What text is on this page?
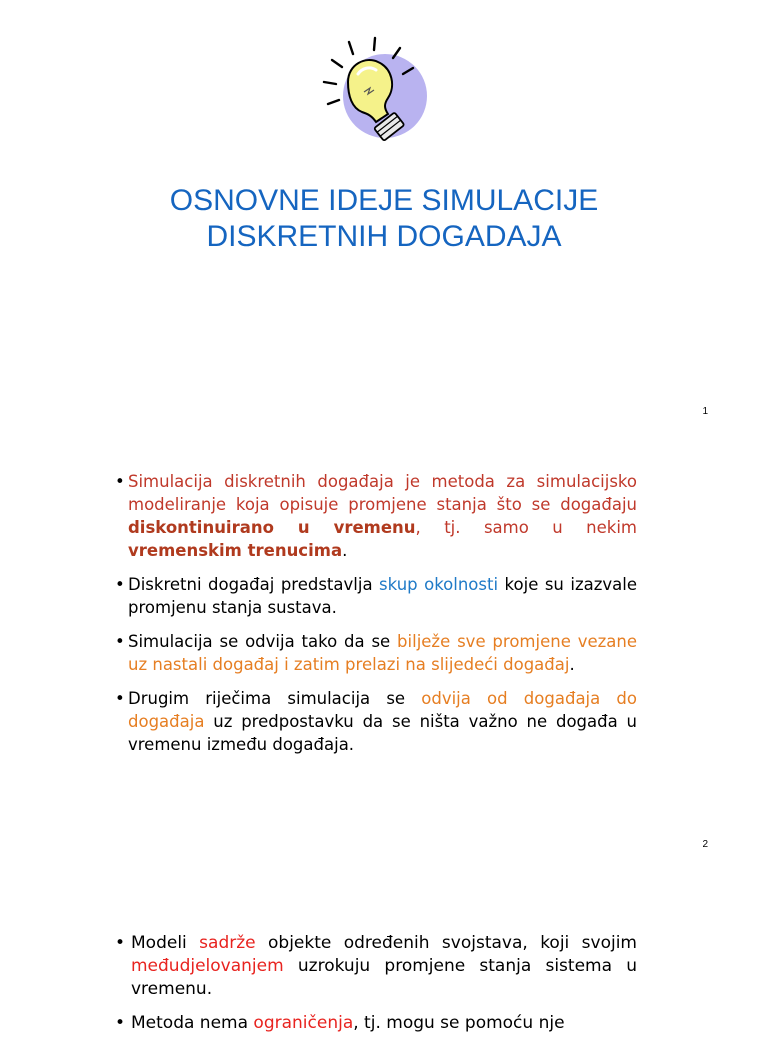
OSNOVNE IDEJE SIMULACIJE
DISKRETNIH DOGADAJA
1
• Simulacija diskretnih događaja je metoda za simulacijsko modeliranje koja opisuje promjene stanja što se događaju diskontinuirano u vremenu, tj. samo u nekim vremenskim trenucima.
• Diskretni događaj predstavlja skup okolnosti koje su izazvale promjenu stanja sustava.
• Simulacija se odvija tako da se bilježe sve promjene vezane uz nastali događaj i zatim prelazi na slijedeći događaj.
• Drugim riječima simulacija se odvija od događaja do događaja uz predpostavku da se ništa važno ne događa u vremenu između događaja.
2
• Modeli sadrže objekte određenih svojstava, koji svojim međudjelovanjem uzrokuju promjene stanja sistema u vremenu.
• Metoda nema ograničenja, tj. mogu se pomoću nje
